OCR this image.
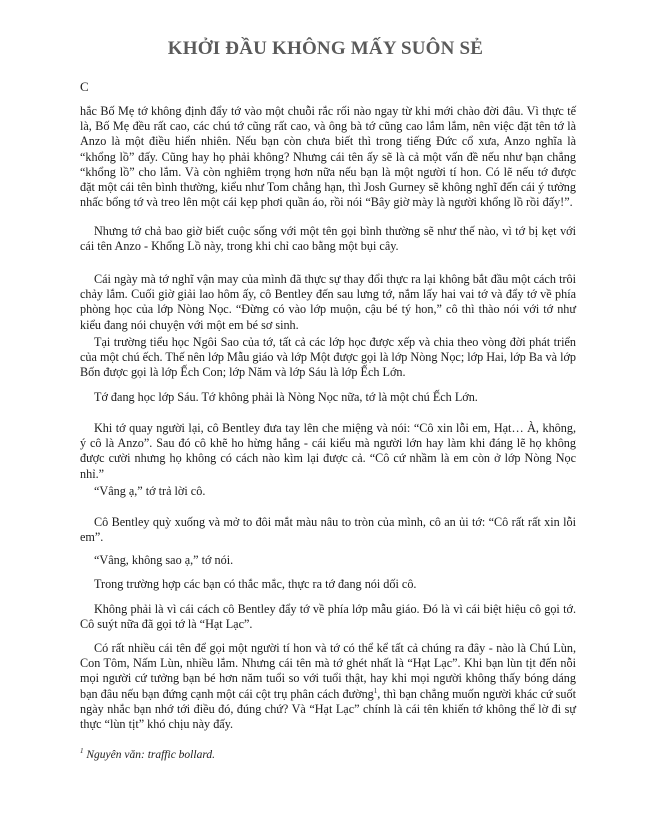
KHỞI ĐẦU KHÔNG MẤY SUÔN SẺ
C

hắc Bố Mẹ tớ không định đẩy tớ vào một chuỗi rắc rối nào ngay từ khi mới chào đời đâu. Vì thực tế là, Bố Mẹ đều rất cao, các chú tớ cũng rất cao, và ông bà tớ cũng cao lắm lắm, nên việc đặt tên tớ là Anzo là một điều hiển nhiên. Nếu bạn còn chưa biết thì trong tiếng Đức cổ xưa, Anzo nghĩa là “khổng lồ” đấy. Cũng hay họ phải không? Nhưng cái tên ấy sẽ là cả một vấn đề nếu như bạn chẳng “khổng lồ” cho lắm. Và còn nghiêm trọng hơn nữa nếu bạn là một người tí hon. Có lẽ nếu tớ được đặt một cái tên bình thường, kiểu như Tom chẳng hạn, thì Josh Gurney sẽ không nghĩ đến cái ý tưởng nhấc bổng tớ và treo lên một cái kẹp phơi quần áo, rồi nói “Bây giờ mày là người khổng lồ rồi đấy!”.

Nhưng tớ chả bao giờ biết cuộc sống với một tên gọi bình thường sẽ như thế nào, vì tớ bị kẹt với cái tên Anzo - Khổng Lồ này, trong khi chỉ cao bằng một bụi cây.

Cái ngày mà tớ nghĩ vận may của mình đã thực sự thay đổi thực ra lại không bắt đầu một cách trôi chảy lắm. Cuối giờ giải lao hôm ấy, cô Bentley đến sau lưng tớ, nắm lấy hai vai tớ và đẩy tớ về phía phòng học của lớp Nòng Nọc. “Đừng có vào lớp muộn, cậu bé tý hon,” cô thì thào nói với tớ như kiểu đang nói chuyện với một em bé sơ sinh.

Tại trường tiểu học Ngôi Sao của tớ, tất cả các lớp học được xếp và chia theo vòng đời phát triển của một chú ếch. Thế nên lớp Mẫu giáo và lớp Một được gọi là lớp Nòng Nọc; lớp Hai, lớp Ba và lớp Bốn được gọi là lớp Ếch Con; lớp Năm và lớp Sáu là lớp Ếch Lớn.

Tớ đang học lớp Sáu. Tớ không phải là Nòng Nọc nữa, tớ là một chú Ếch Lớn.

Khi tớ quay người lại, cô Bentley đưa tay lên che miệng và nói: “Cô xin lỗi em, Hạt… À, không, ý cô là Anzo”. Sau đó cô khẽ ho hừng hắng - cái kiểu mà người lớn hay làm khi đáng lẽ họ không được cười nhưng họ không có cách nào kìm lại được cả. “Cô cứ nhầm là em còn ở lớp Nòng Nọc nhỉ.”

“Vâng ạ,” tớ trả lời cô.

Cô Bentley quỳ xuống và mở to đôi mắt màu nâu to tròn của mình, cô an ủi tớ: “Cô rất rất xin lỗi em”.

“Vâng, không sao ạ,” tớ nói.

Trong trường hợp các bạn có thắc mắc, thực ra tớ đang nói dối cô.

Không phải là vì cái cách cô Bentley đẩy tớ về phía lớp mẫu giáo. Đó là vì cái biệt hiệu cô gọi tớ. Cô suýt nữa đã gọi tớ là “Hạt Lạc”.

Có rất nhiều cái tên để gọi một người tí hon và tớ có thể kể tất cả chúng ra đây - nào là Chú Lùn, Con Tôm, Nấm Lùn, nhiều lắm. Nhưng cái tên mà tớ ghét nhất là “Hạt Lạc”. Khi bạn lùn tịt đến nỗi mọi người cứ tưởng bạn bé hơn năm tuổi so với tuổi thật, hay khi mọi người không thấy bóng dáng bạn đâu nếu bạn đứng cạnh một cái cột trụ phân cách đường$^1$, thì bạn chẳng muốn người khác cứ suốt ngày nhắc bạn nhớ tới điều đó, đúng chứ? Và “Hạt Lạc” chính là cái tên khiến tớ không thể lờ đi sự thực “lùn tịt” khó chịu này đấy.

$^1$ Nguyên văn: traffic bollard.
